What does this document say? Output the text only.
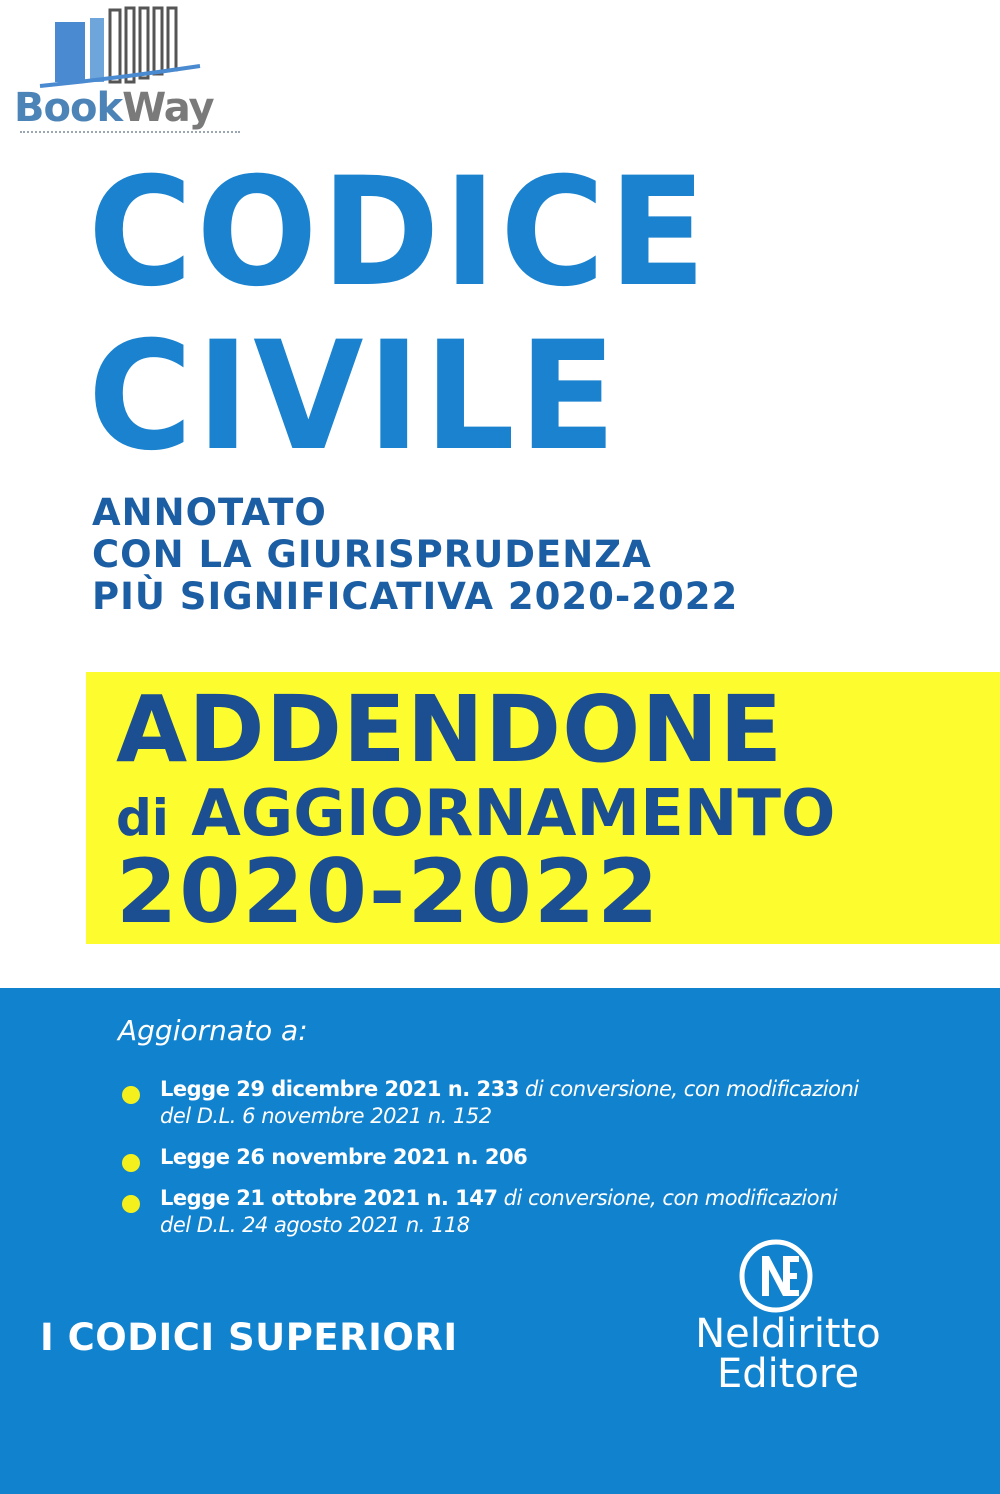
BookWay
CODICE
CIVILE
ANNOTATO
CON LA GIURISPRUDENZA
PIÙ SIGNIFICATIVA 2020-2022
ADDENDONE
di AGGIORNAMENTO
2020-2022
Aggiornato a:
Legge 29 dicembre 2021 n. 233 di conversione, con modificazioni
del D.L. 6 novembre 2021 n. 152
Legge 26 novembre 2021 n. 206
Legge 21 ottobre 2021 n. 147 di conversione, con modificazioni
del D.L. 24 agosto 2021 n. 118
I CODICI SUPERIORI	Neldiritto
Editore
